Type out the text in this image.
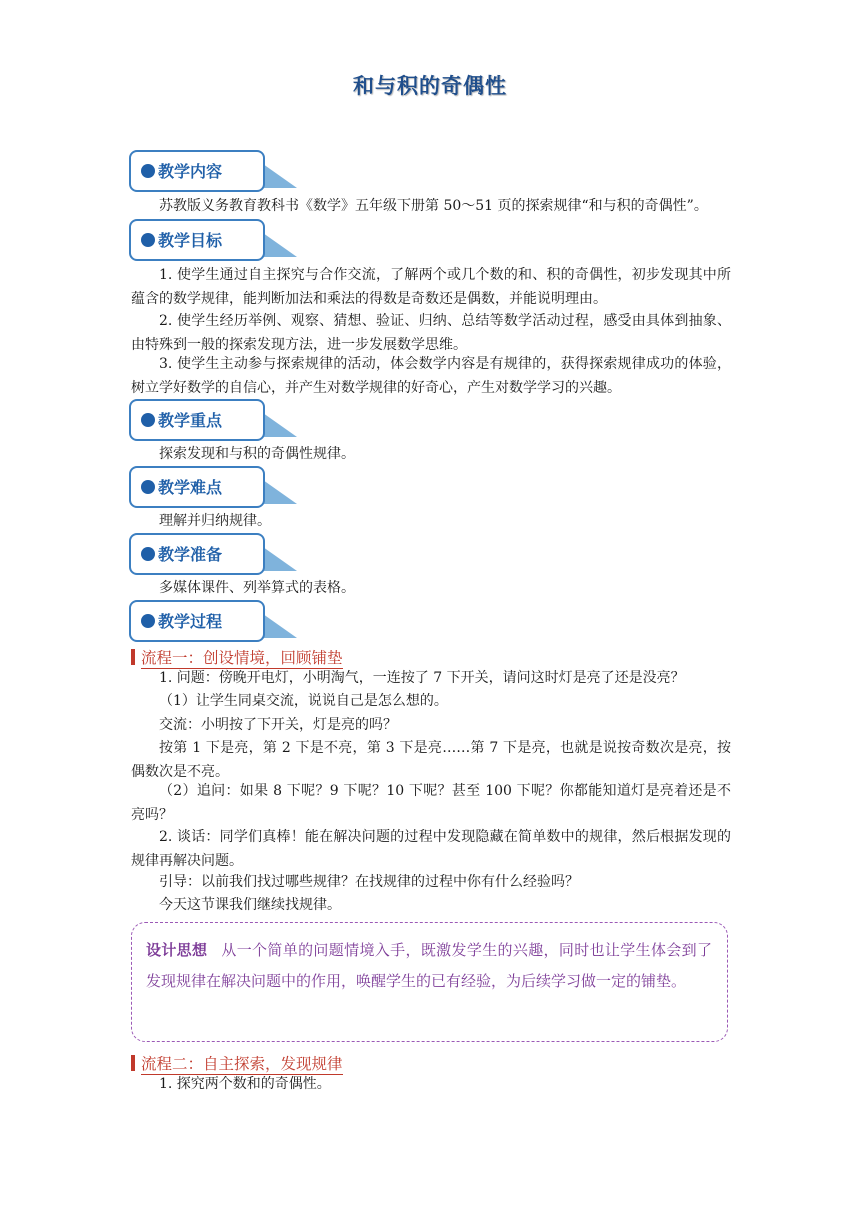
和与积的奇偶性
教学内容

苏教版义务教育教科书《数学》五年级下册第 50～51 页的探索规律“和与积的奇偶性”。

教学目标

1. 使学生通过自主探究与合作交流，了解两个或几个数的和、积的奇偶性，初步发现其中所蕴含的数学规律，能判断加法和乘法的得数是奇数还是偶数，并能说明理由。

2. 使学生经历举例、观察、猜想、验证、归纳、总结等数学活动过程，感受由具体到抽象、由特殊到一般的探索发现方法，进一步发展数学思维。

3. 使学生主动参与探索规律的活动，体会数学内容是有规律的，获得探索规律成功的体验，树立学好数学的自信心，并产生对数学规律的好奇心，产生对数学学习的兴趣。

教学重点

探索发现和与积的奇偶性规律。

教学难点

理解并归纳规律。

教学准备

多媒体课件、列举算式的表格。

教学过程
流程一：创设情境，回顾铺垫

1. 问题：傍晚开电灯，小明淘气，一连按了 7 下开关，请问这时灯是亮了还是没亮？

（1）让学生同桌交流，说说自己是怎么想的。

交流：小明按了下开关，灯是亮的吗？

按第 1 下是亮，第 2 下是不亮，第 3 下是亮……第 7 下是亮，也就是说按奇数次是亮，按偶数次是不亮。

（2）追问：如果 8 下呢？9 下呢？10 下呢？甚至 100 下呢？你都能知道灯是亮着还是不亮吗？

2. 谈话：同学们真棒！能在解决问题的过程中发现隐藏在简单数中的规律，然后根据发现的规律再解决问题。

引导：以前我们找过哪些规律？在找规律的过程中你有什么经验吗？

今天这节课我们继续找规律。

设计思想 从一个简单的问题情境入手，既激发学生的兴趣，同时也让学生体会到了发现规律在解决问题中的作用，唤醒学生的已有经验，为后续学习做一定的铺垫。
流程二：自主探索，发现规律

1. 探究两个数和的奇偶性。
